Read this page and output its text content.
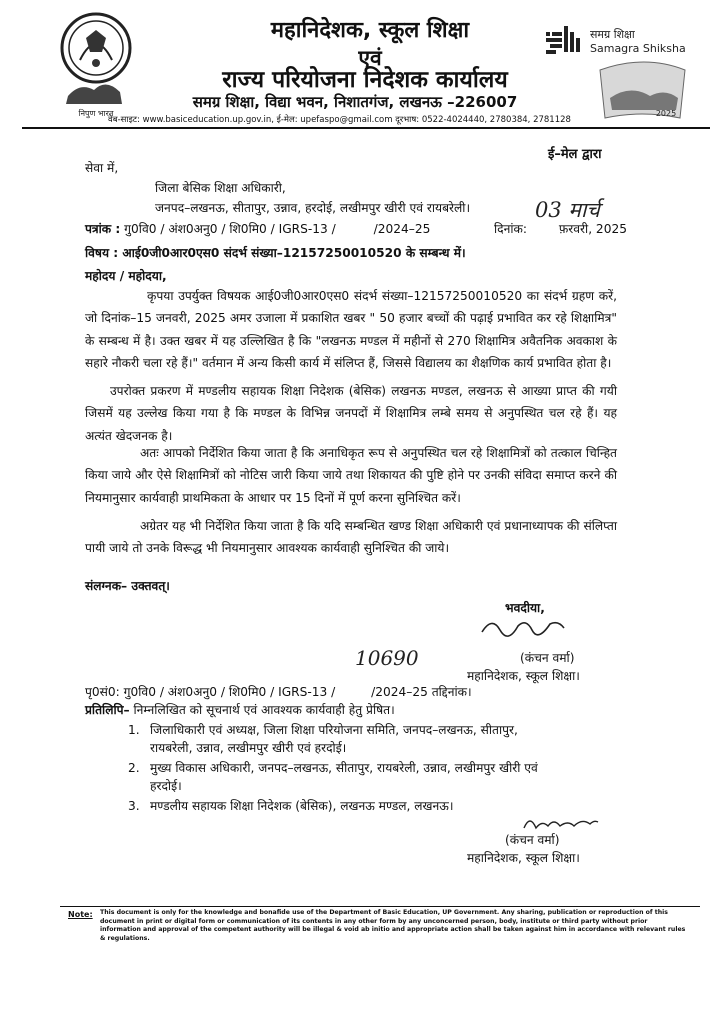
निपुण भारत
महानिदेशक, स्कूल शिक्षा
एवं
राज्य परियोजना निदेशक कार्यालय
समग्र शिक्षा, विद्या भवन, निशातगंज, लखनऊ –226007
समग्र शिक्षा
Samagra Shiksha
2025
वेब-साइट: www.basiceducation.up.gov.in, ई-मेल: upefaspo@gmail.com दूरभाष: 0522-4024440, 2780384, 2781128
ई–मेल द्वारा
सेवा में,
जिला बेसिक शिक्षा अधिकारी,
जनपद–लखनऊ, सीतापुर, उन्नाव, हरदोई, लखीमपुर खीरी एवं रायबरेली।
पत्रांक : गु0वि0 / अंश0अनु0 / शि0मि0 / IGRS-13 /	/2024–25	दिनांक:	फ़रवरी, 2025
03 मार्च
विषय : आई0जी0आर0एस0 संदर्भ संख्या–12157250010520 के सम्बन्ध में।
महोदय / महोदया,
कृपया उपर्युक्त विषयक आई0जी0आर0एस0 संदर्भ संख्या–12157250010520 का संदर्भ ग्रहण करें, जो दिनांक–15 जनवरी, 2025 अमर उजाला में प्रकाशित खबर " 50 हजार बच्चों की पढ़ाई प्रभावित कर रहे शिक्षामित्र" के सम्बन्ध में है। उक्त खबर में यह उल्लिखित है कि "लखनऊ मण्डल में महीनों से 270 शिक्षामित्र अवैतनिक अवकाश के सहारे नौकरी चला रहे हैं।" वर्तमान में अन्य किसी कार्य में संलिप्त हैं, जिससे विद्यालय का शैक्षणिक कार्य प्रभावित होता है।
उपरोक्त प्रकरण में मण्डलीय सहायक शिक्षा निदेशक (बेसिक) लखनऊ मण्डल, लखनऊ से आख्या प्राप्त की गयी जिसमें यह उल्लेख किया गया है कि मण्डल के विभिन्न जनपदों में शिक्षामित्र लम्बे समय से अनुपस्थित चल रहे हैं। यह अत्यंत खेदजनक है।
अतः आपको निर्देशित किया जाता है कि अनाधिकृत रूप से अनुपस्थित चल रहे शिक्षामित्रों को तत्काल चिन्हित किया जाये और ऐसे शिक्षामित्रों को नोटिस जारी किया जाये तथा शिकायत की पुष्टि होने पर उनकी संविदा समाप्त करने की नियमानुसार कार्यवाही प्राथमिकता के आधार पर 15 दिनों में पूर्ण करना सुनिश्चित करें।
अग्रेतर यह भी निर्देशित किया जाता है कि यदि सम्बन्धित खण्ड शिक्षा अधिकारी एवं प्रधानाध्यापक की संलिप्ता पायी जाये तो उनके विरूद्ध भी नियमानुसार आवश्यक कार्यवाही सुनिश्चित की जाये।
संलग्नक– उक्तवत्।
भवदीया,
10690	(कंचन वर्मा)
महानिदेशक, स्कूल शिक्षा।
पृ0सं0: गु0वि0 / अंश0अनु0 / शि0मि0 / IGRS-13 /	/2024–25 तद्दिनांक।
प्रतिलिपि– निम्नलिखित को सूचनार्थ एवं आवश्यक कार्यवाही हेतु प्रेषित।
1. जिलाधिकारी एवं अध्यक्ष, जिला शिक्षा परियोजना समिति, जनपद–लखनऊ, सीतापुर,
रायबरेली, उन्नाव, लखीमपुर खीरी एवं हरदोई।
2. मुख्य विकास अधिकारी, जनपद–लखनऊ, सीतापुर, रायबरेली, उन्नाव, लखीमपुर खीरी एवं
हरदोई।
3. मण्डलीय सहायक शिक्षा निदेशक (बेसिक), लखनऊ मण्डल, लखनऊ।
(कंचन वर्मा)
महानिदेशक, स्कूल शिक्षा।
Note: This document is only for the knowledge and bonafide use of the Department of Basic Education, UP Government. Any sharing, publication or reproduction of this document in print or digital form or communication of its contents in any other form by any unconcerned person, body, institute or third party without prior information and approval of the competent authority will be illegal & void ab initio and appropriate action shall be taken against him in accordance with relevant rules & regulations.
